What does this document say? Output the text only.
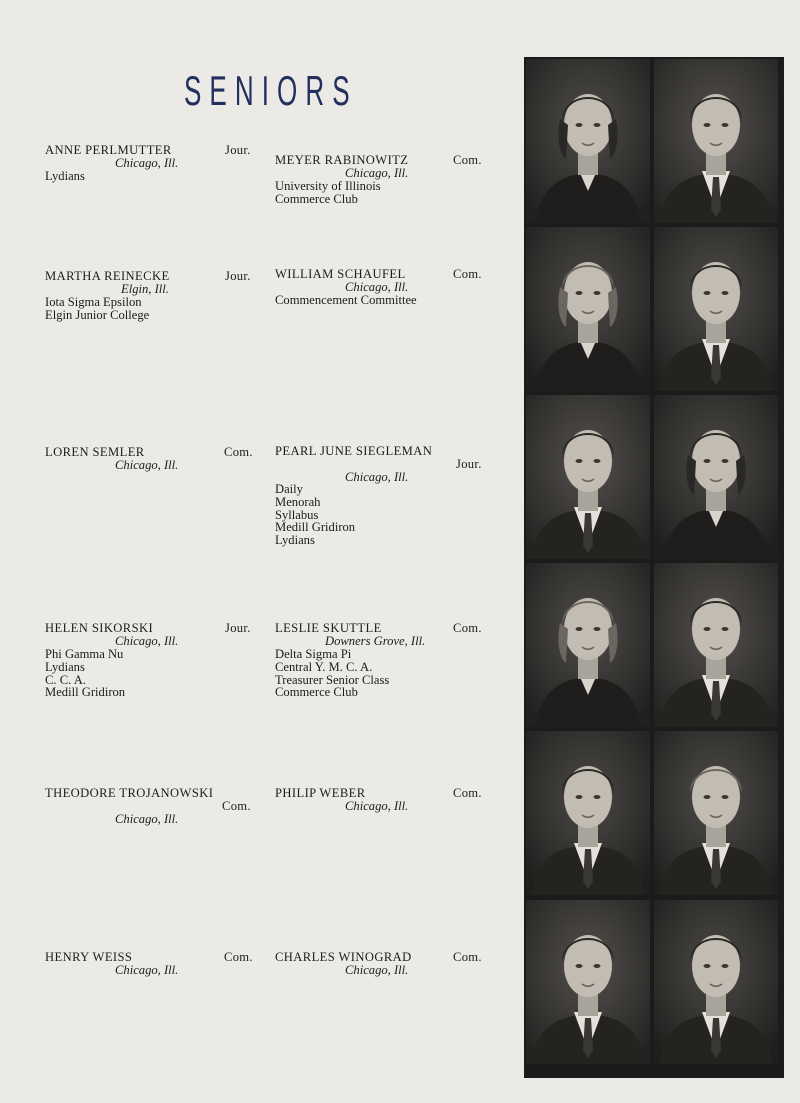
SENIORS
ANNE PERLMUTTER	Jour.
Chicago, Ill.
Lydians
MEYER RABINOWITZ	Com.
Chicago, Ill.
University of Illinois
Commerce Club
MARTHA REINECKE	Jour.
Elgin, Ill.
Iota Sigma Epsilon
Elgin Junior College
WILLIAM SCHAUFEL	Com.
Chicago, Ill.
Commencement Committee
LOREN SEMLER	Com.
Chicago, Ill.
PEARL JUNE SIEGLEMAN
Jour.
Chicago, Ill.
Daily
Menorah
Syllabus
Medill Gridiron
Lydians
HELEN SIKORSKI	Jour.
Chicago, Ill.
Phi Gamma Nu
Lydians
C. C. A.
Medill Gridiron
LESLIE SKUTTLE	Com.
Downers Grove, Ill.
Delta Sigma Pi
Central Y. M. C. A.
Treasurer Senior Class
Commerce Club
THEODORE TROJANOWSKI
Com.
Chicago, Ill.
PHILIP WEBER	Com.
Chicago, Ill.
HENRY WEISS	Com.
Chicago, Ill.
CHARLES WINOGRAD	Com.
Chicago, Ill.
